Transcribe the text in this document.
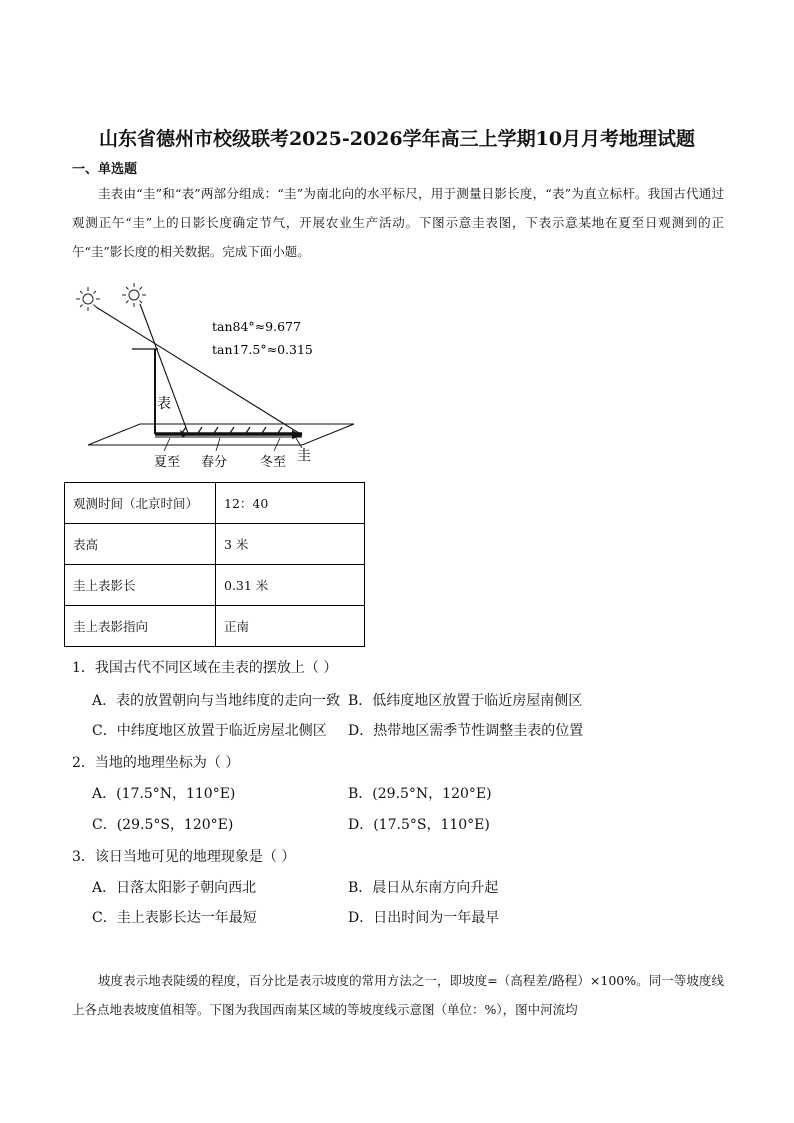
山东省德州市校级联考2025-2026学年高三上学期10月月考地理试题
一、单选题
圭表由“圭”和“表”两部分组成：“圭”为南北向的水平标尺，用于测量日影长度，“表”为直立标杆。我国古代通过观测正午“圭”上的日影长度确定节气，开展农业生产活动。下图示意圭表图，下表示意某地在夏至日观测到的正午“圭”影长度的相关数据。完成下面小题。
tan84°≈9.677
tan17.5°≈0.315
表
夏至 春分	冬至 圭
观测时间（北京时间）	12：40
表高	3 米
圭上表影长	0.31 米
圭上表影指向	正南
1．我国古代不同区域在圭表的摆放上（ ）
A．表的放置朝向与当地纬度的走向一致 B．低纬度地区放置于临近房屋南侧区
C．中纬度地区放置于临近房屋北侧区 D．热带地区需季节性调整圭表的位置
2．当地的地理坐标为（ ）
A．(17.5°N，110°E)	B．(29.5°N，120°E)
C．(29.5°S，120°E)	D．(17.5°S，110°E)
3．该日当地可见的地理现象是（ ）
A．日落太阳影子朝向西北	B．晨日从东南方向升起
C．圭上表影长达一年最短	D．日出时间为一年最早
坡度表示地表陡缓的程度，百分比是表示坡度的常用方法之一，即坡度=（高程差/路程）×100%。同一等坡度线上各点地表坡度值相等。下图为我国西南某区域的等坡度线示意图（单位：%），图中河流均
